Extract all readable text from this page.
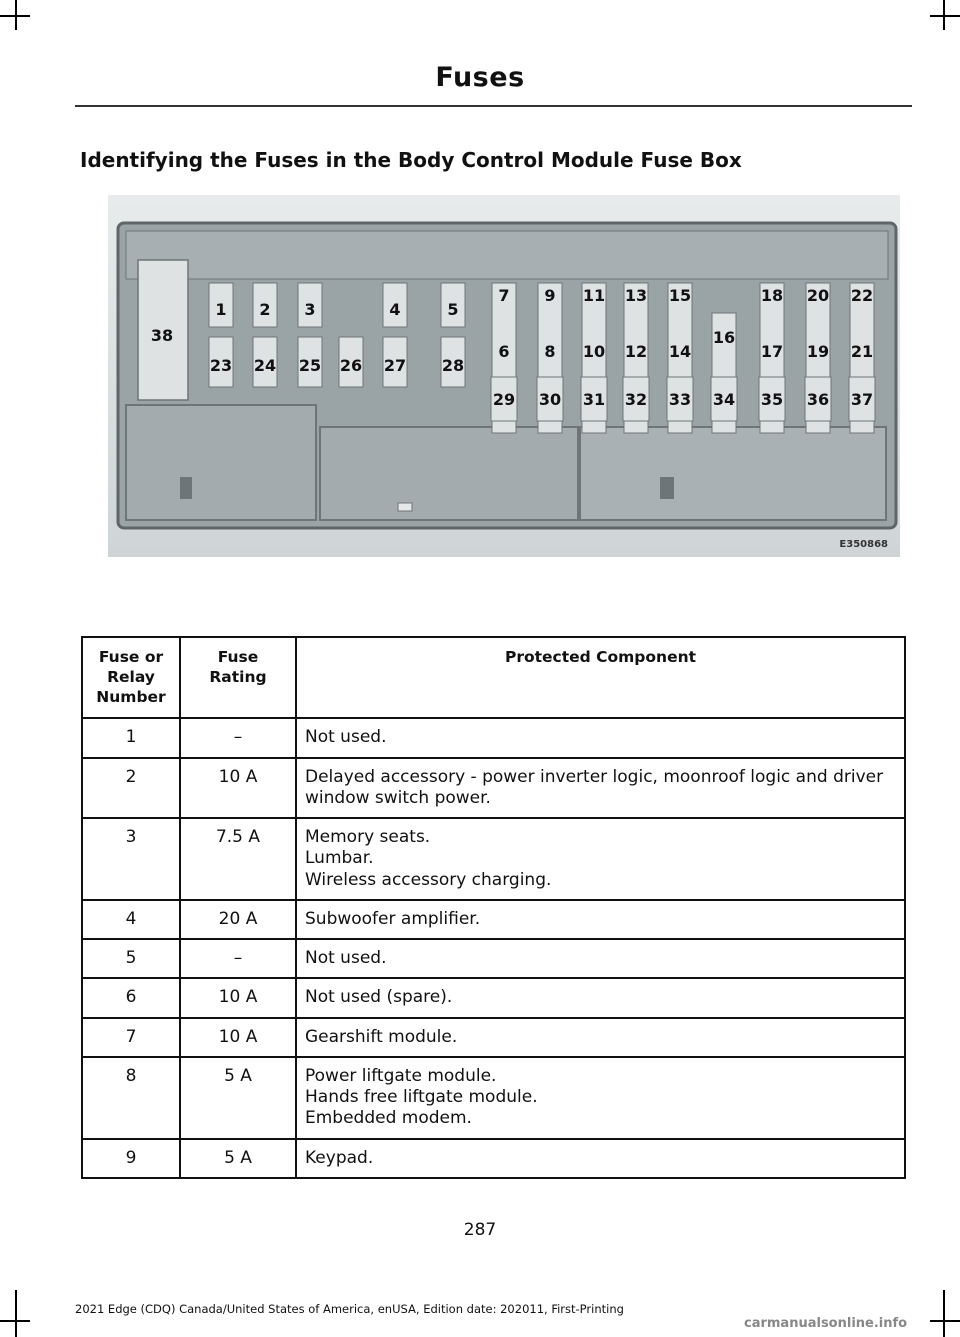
Fuses
Identifying the Fuses in the Body Control Module Fuse Box
38
1 2 3	4	5
23 24 25 26 27 28
7 9 11 13 15	18 20 22
6 8 10 12 14
16
17 19 21
29 30 31 32 33 34 35 36 37
E350868
Fuse or Relay Number	Fuse Rating	Protected Component
1	–	Not used.

2	10 A	Delayed accessory - power inverter logic, moonroof logic and driver window switch power.

3	7.5 A	Memory seats.
Lumbar.
Wireless accessory charging.

4	20 A	Subwoofer amplifier.

5	–	Not used.

6	10 A	Not used (spare).

7	10 A	Gearshift module.

8	5 A	Power liftgate module.
Hands free liftgate module.
Embedded modem.

9	5 A	Keypad.
287
2021 Edge (CDQ) Canada/United States of America, enUSA, Edition date: 202011, First-Printing
carmanualsonline.info
